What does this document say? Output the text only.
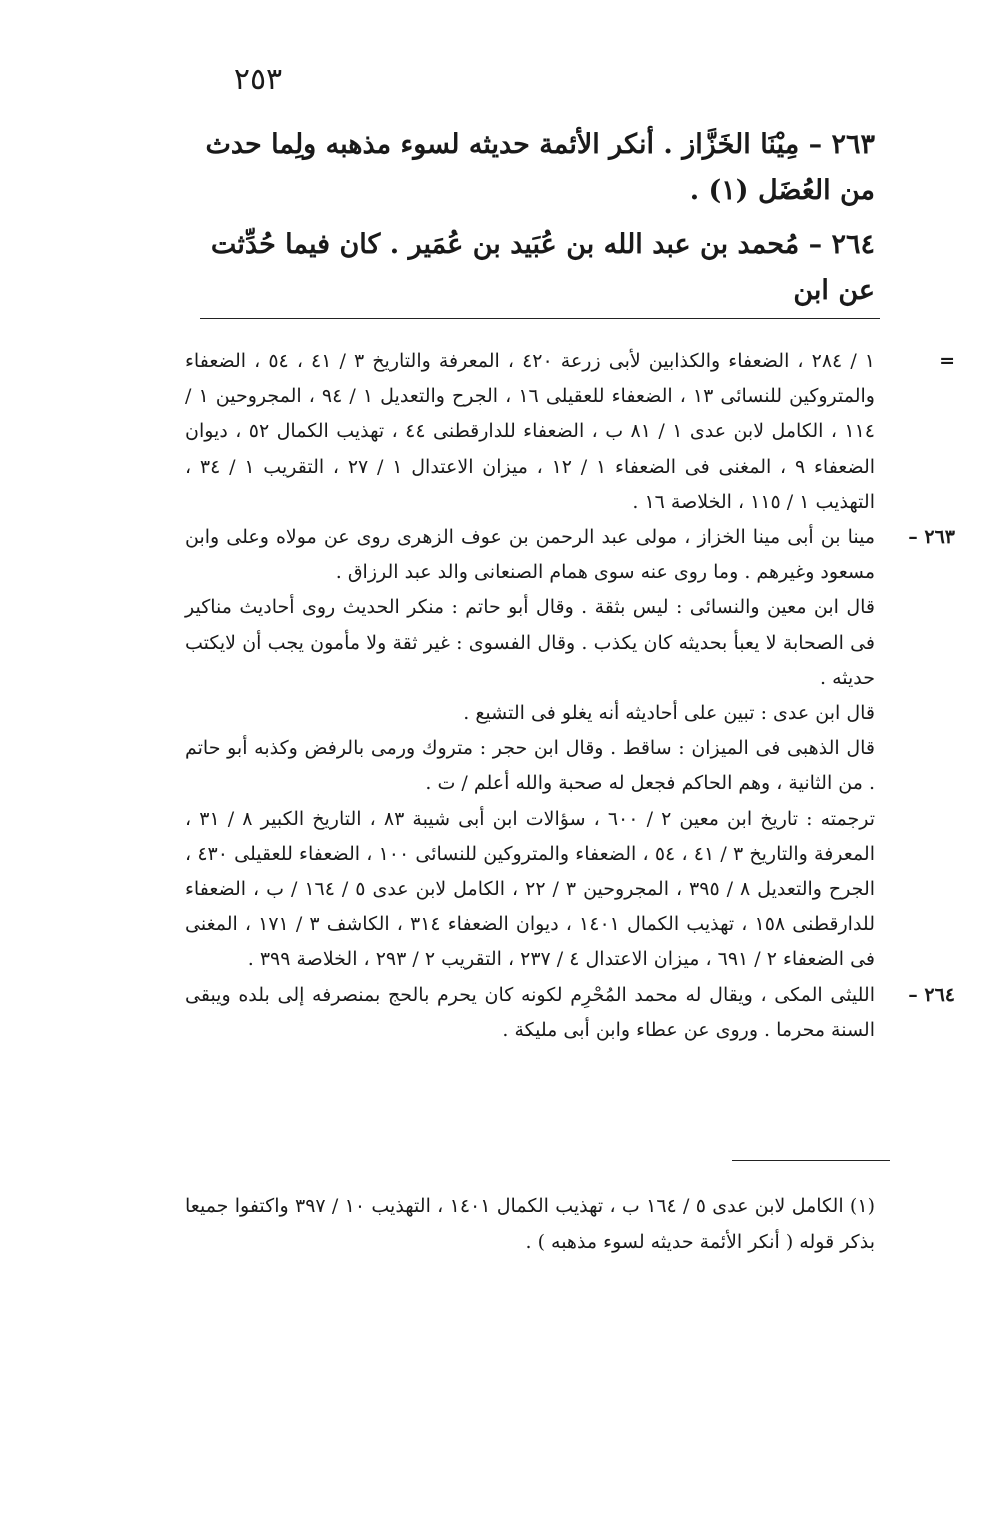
٢٥٣
٢٦٣ – مِيْنَا الخَزَّاز . أنكر الأئمة حديثه لسوء مذهبه ولِما حدث من العُضَل (١) .
٢٦٤ – مُحمد بن عبد الله بن عُبَيد بن عُمَير . كان فيما حُدِّثت عن ابن
=
١ / ٢٨٤ ، الضعفاء والكذابين لأبى زرعة ٤٢٠ ، المعرفة والتاريخ ٣ / ٤١ ، ٥٤ ، الضعفاء والمتروكين للنسائى ١٣ ، الضعفاء للعقيلى ١٦ ، الجرح والتعديل ١ / ٩٤ ، المجروحين ١ / ١١٤ ، الكامل لابن عدى ١ / ٨١ ب ، الضعفاء للدارقطنى ٤٤ ، تهذيب الكمال ٥٢ ، ديوان الضعفاء ٩ ، المغنى فى الضعفاء ١ / ١٢ ، ميزان الاعتدال ١ / ٢٧ ، التقريب ١ / ٣٤ ، التهذيب ١ / ١١٥ ، الخلاصة ١٦ .
٢٦٣ –
مينا بن أبى مينا الخزاز ، مولى عبد الرحمن بن عوف الزهرى روى عن مولاه وعلى وابن مسعود وغيرهم . وما روى عنه سوى همام الصنعانى والد عبد الرزاق .
قال ابن معين والنسائى : ليس بثقة . وقال أبو حاتم : منكر الحديث روى أحاديث مناكير فى الصحابة لا يعبأ بحديثه كان يكذب . وقال الفسوى : غير ثقة ولا مأمون يجب أن لايكتب حديثه .
قال ابن عدى : تبين على أحاديثه أنه يغلو فى التشيع .
قال الذهبى فى الميزان : ساقط . وقال ابن حجر : متروك ورمى بالرفض وكذبه أبو حاتم . من الثانية ، وهم الحاكم فجعل له صحبة والله أعلم / ت .
ترجمته : تاريخ ابن معين ٢ / ٦٠٠ ، سؤالات ابن أبى شيبة ٨٣ ، التاريخ الكبير ٨ / ٣١ ، المعرفة والتاريخ ٣ / ٤١ ، ٥٤ ، الضعفاء والمتروكين للنسائى ١٠٠ ، الضعفاء للعقيلى ٤٣٠ ، الجرح والتعديل ٨ / ٣٩٥ ، المجروحين ٣ / ٢٢ ، الكامل لابن عدى ٥ / ١٦٤ / ب ، الضعفاء للدارقطنى ١٥٨ ، تهذيب الكمال ١٤٠١ ، ديوان الضعفاء ٣١٤ ، الكاشف ٣ / ١٧١ ، المغنى فى الضعفاء ٢ / ٦٩١ ، ميزان الاعتدال ٤ / ٢٣٧ ، التقريب ٢ / ٢٩٣ ، الخلاصة ٣٩٩ .
٢٦٤ –
الليثى المكى ، ويقال له محمد المُحْرِم لكونه كان يحرم بالحج بمنصرفه إلى بلده ويبقى السنة محرما . وروى عن عطاء وابن أبى مليكة .
(١) الكامل لابن عدى ٥ / ١٦٤ ب ، تهذيب الكمال ١٤٠١ ، التهذيب ١٠ / ٣٩٧ واكتفوا جميعا بذكر قوله ( أنكر الأئمة حديثه لسوء مذهبه ) .
